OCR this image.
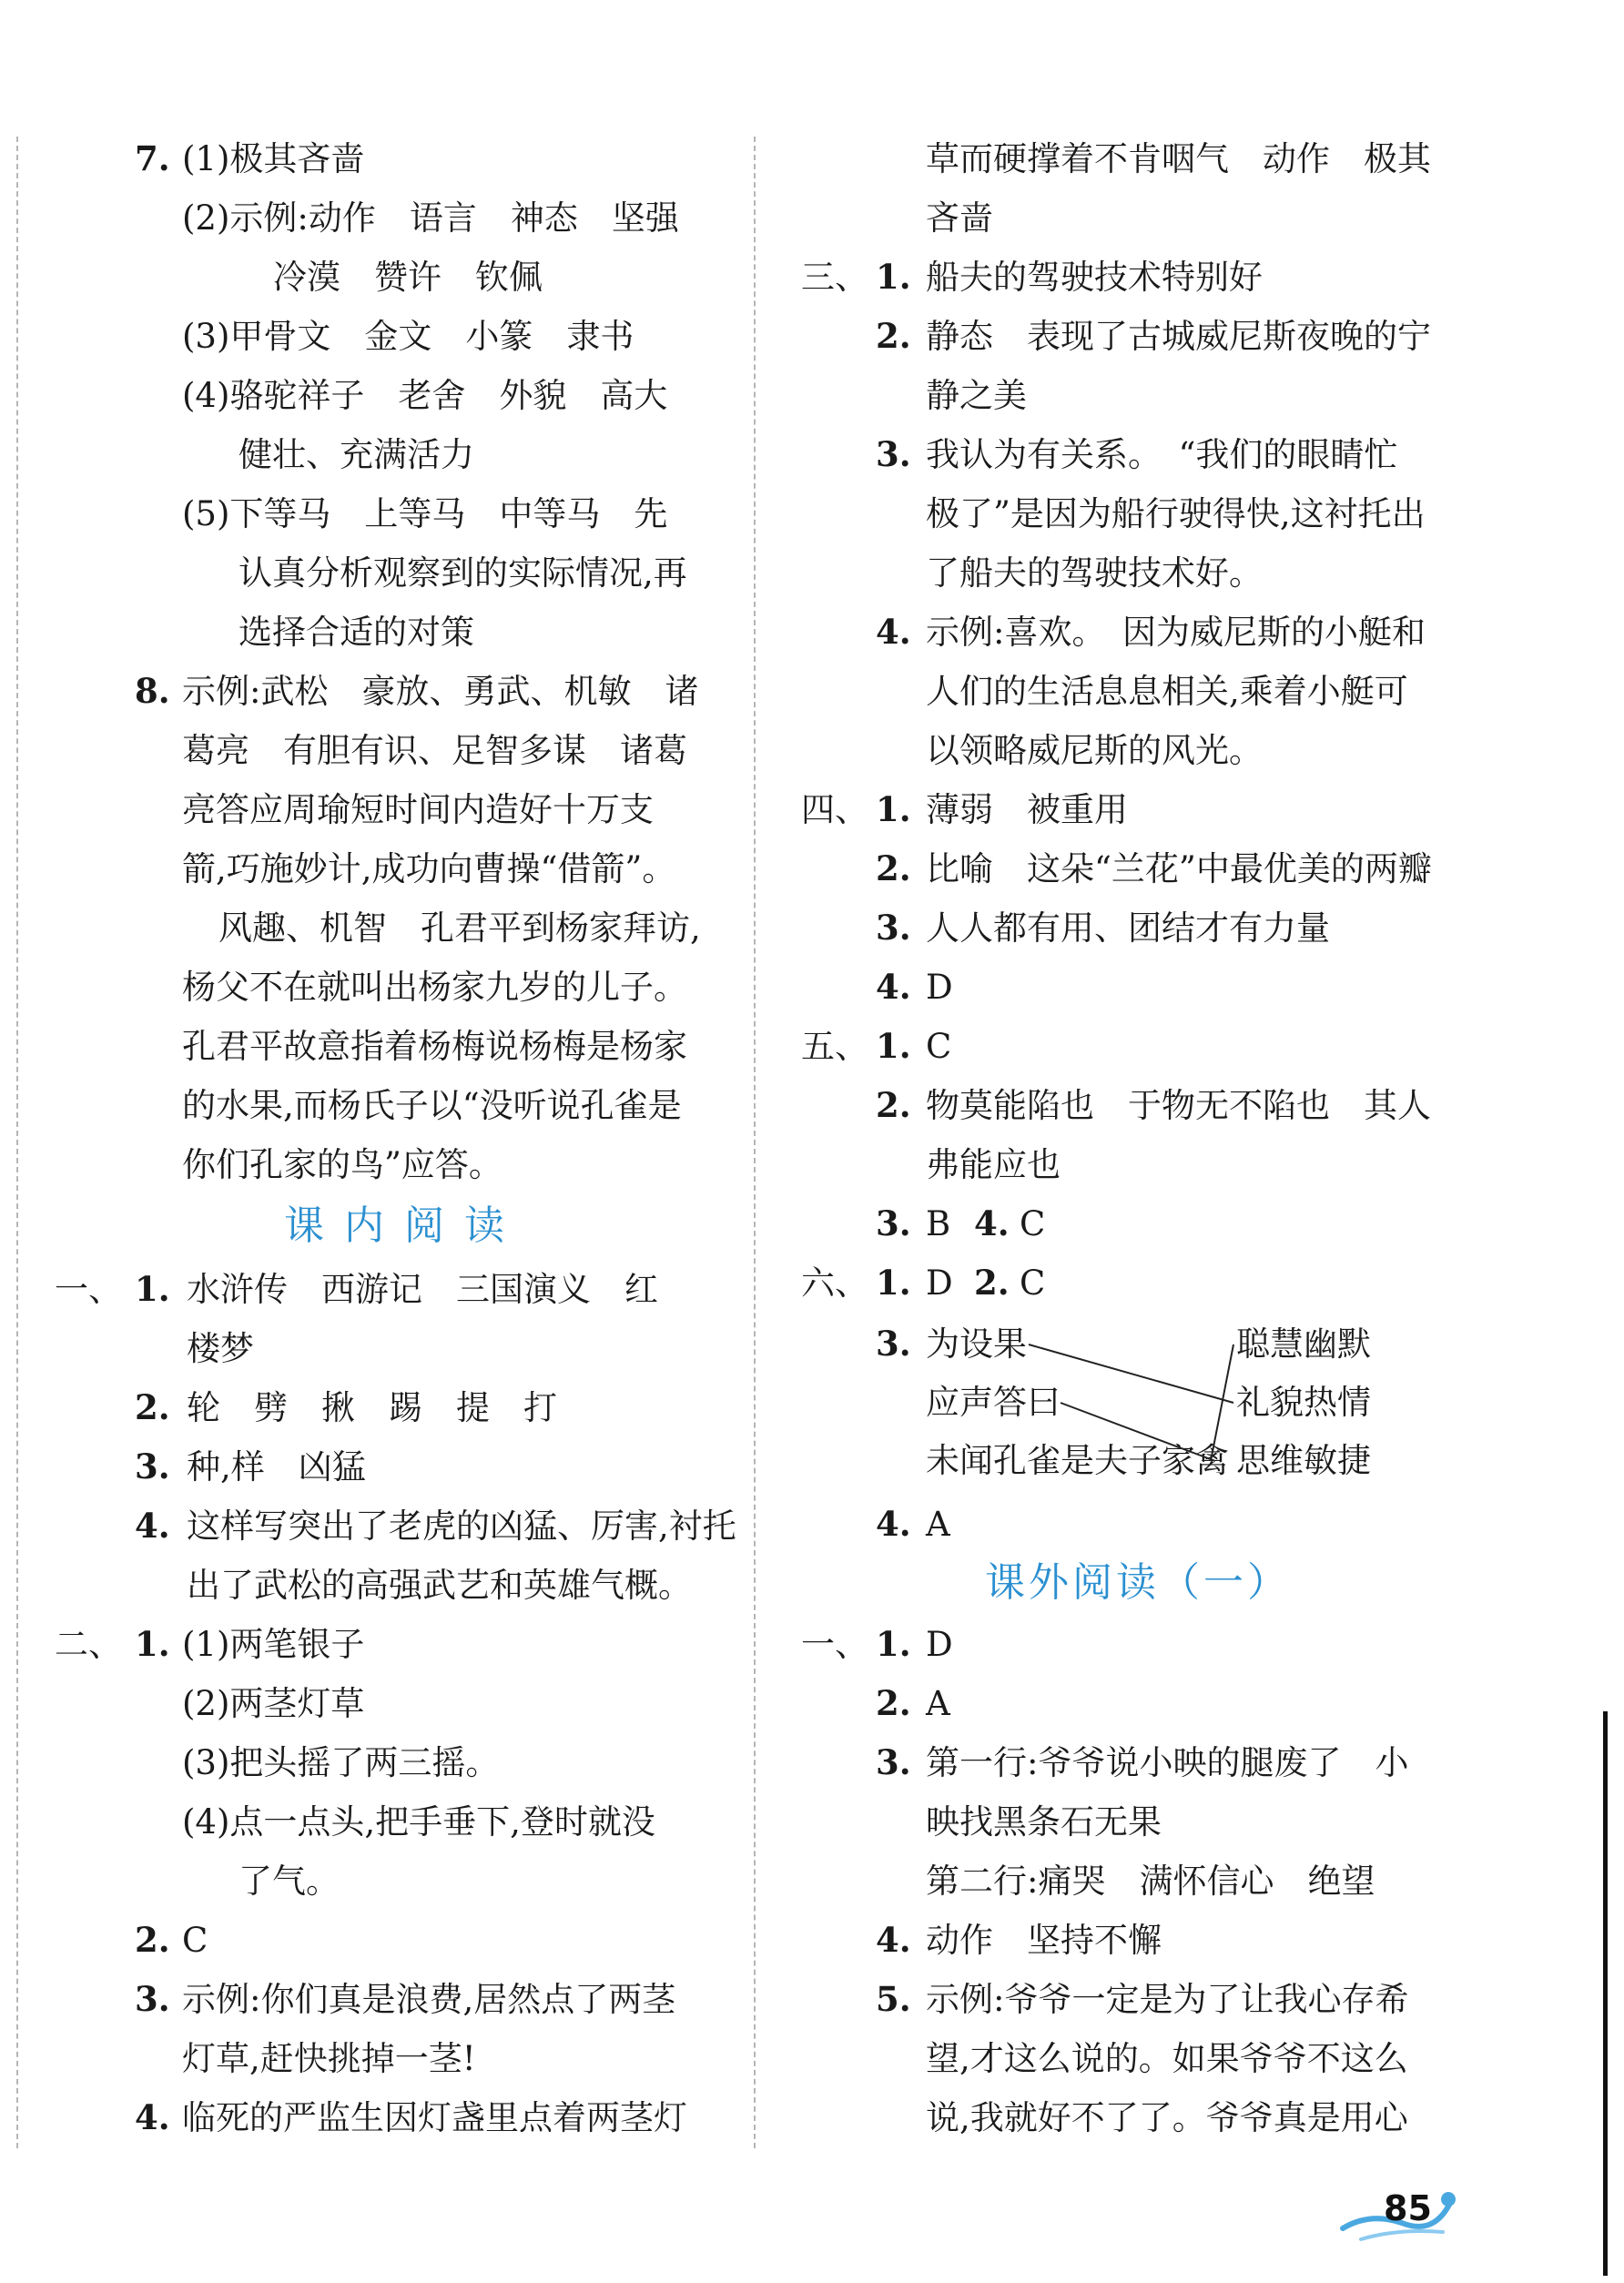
7. (1)极其吝啬
(2)示例:动作　语言　神态　坚强
冷漠　赞许　钦佩
(3)甲骨文　金文　小篆　隶书
(4)骆驼祥子　老舍　外貌　高大
健壮、充满活力
(5)下等马　上等马　中等马　先
认真分析观察到的实际情况,再
选择合适的对策
8. 示例:武松　豪放、勇武、机敏　诸
葛亮　有胆有识、足智多谋　诸葛
亮答应周瑜短时间内造好十万支
箭,巧施妙计,成功向曹操“借箭”。
风趣、机智　孔君平到杨家拜访,
杨父不在就叫出杨家九岁的儿子。
孔君平故意指着杨梅说杨梅是杨家
的水果,而杨氏子以“没听说孔雀是
你们孔家的鸟”应答。
课 内 阅 读
一、 1. 水浒传　西游记　三国演义　红
楼梦
2. 轮　劈　揪　踢　提　打
3. 种,样　凶猛
4. 这样写突出了老虎的凶猛、厉害,衬托
出了武松的高强武艺和英雄气概。
二、 1. (1)两笔银子
(2)两茎灯草
(3)把头摇了两三摇。
(4)点一点头,把手垂下,登时就没
了气。
2. C
3. 示例:你们真是浪费,居然点了两茎
灯草,赶快挑掉一茎!
4. 临死的严监生因灯盏里点着两茎灯
草而硬撑着不肯咽气　动作　极其
吝啬
三、 1. 船夫的驾驶技术特别好
2. 静态　表现了古城威尼斯夜晚的宁
静之美
3. 我认为有关系。　“我们的眼睛忙
极了”是因为船行驶得快,这衬托出
了船夫的驾驶技术好。
4. 示例:喜欢。　因为威尼斯的小艇和
人们的生活息息相关,乘着小艇可
以领略威尼斯的风光。
四、 1. 薄弱　被重用
2. 比喻　这朵“兰花”中最优美的两瓣
3. 人人都有用、团结才有力量
4. D
五、 1. C
2. 物莫能陷也　于物无不陷也　其人
弗能应也
3. B 4. C
六、 1. D 2. C
3. 为设果
应声答曰
未闻孔雀是夫子家禽
聪慧幽默
礼貌热情
思维敏捷
4. A
课外阅读（一）
一、 1. D
2. A
3. 第一行:爷爷说小映的腿废了　小
映找黑条石无果
第二行:痛哭　满怀信心　绝望
4. 动作　坚持不懈
5. 示例:爷爷一定是为了让我心存希
望,才这么说的。如果爷爷不这么
说,我就好不了了。爷爷真是用心
85
